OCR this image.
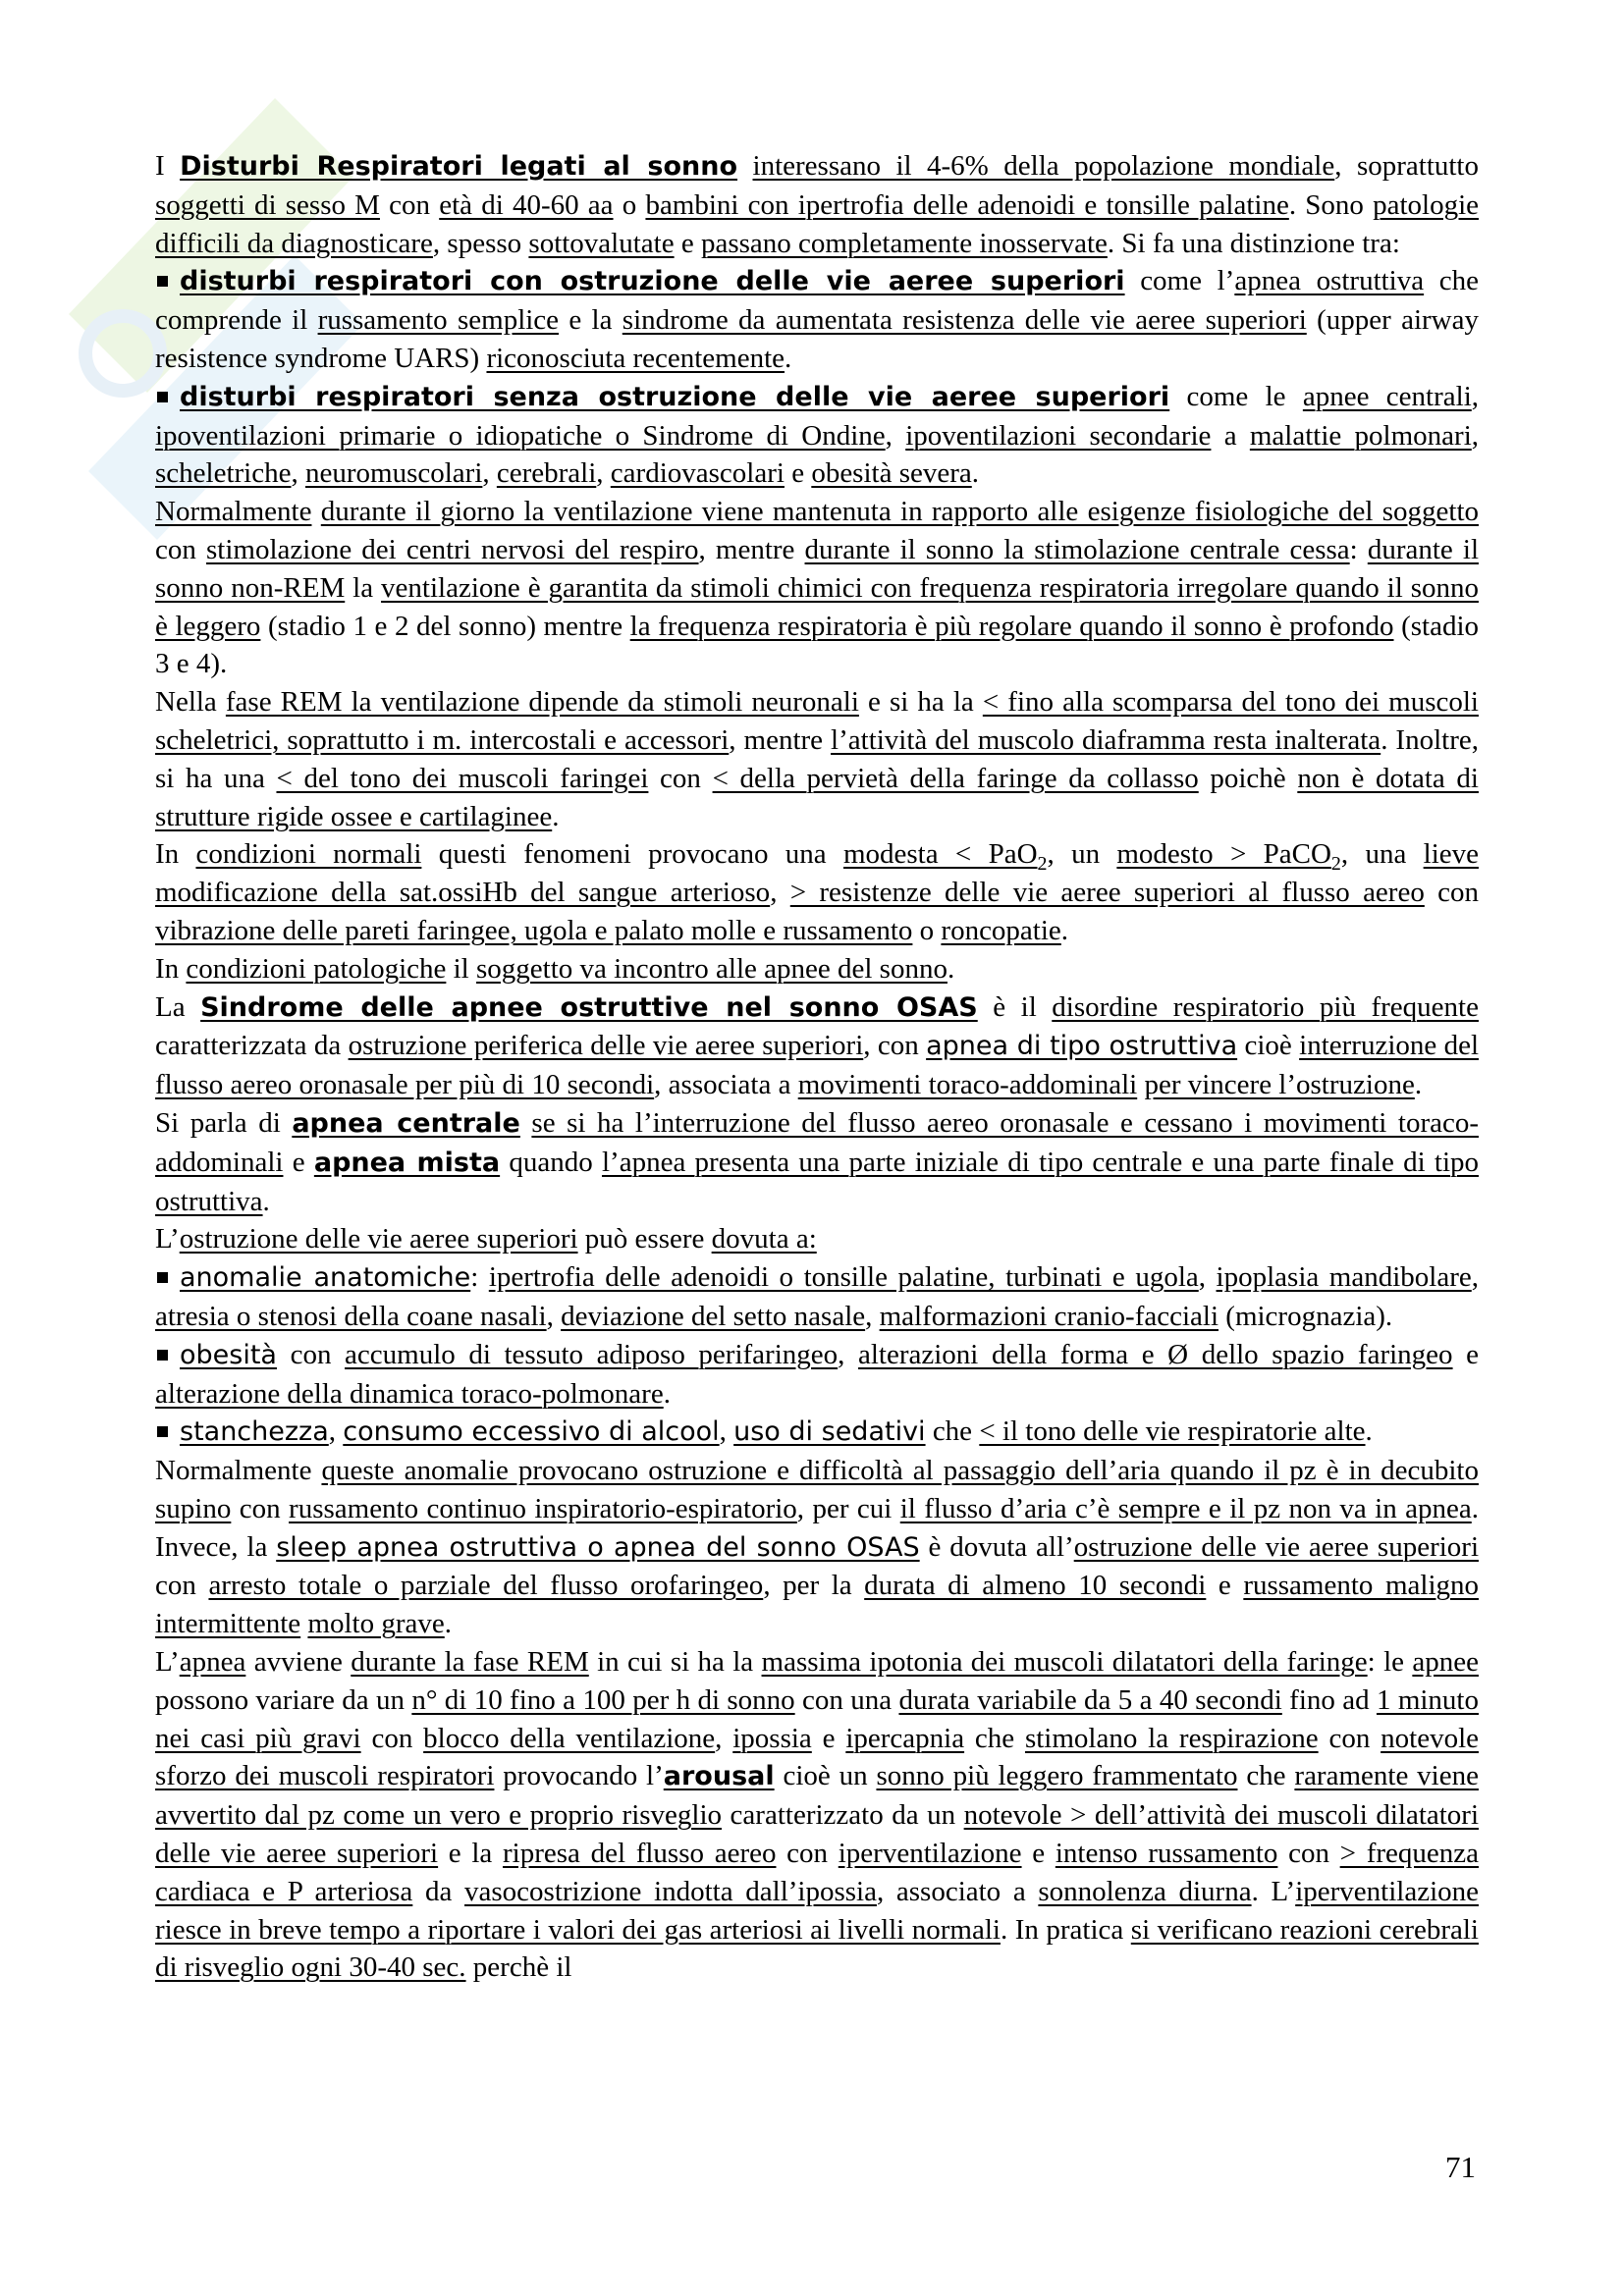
I Disturbi Respiratori legati al sonno interessano il 4-6% della popolazione mondiale, soprattutto soggetti di sesso M con età di 40-60 aa o bambini con ipertrofia delle adenoidi e tonsille palatine. Sono patologie difficili da diagnosticare, spesso sottovalutate e passano completamente inosservate. Si fa una distinzione tra:

disturbi respiratori con ostruzione delle vie aeree superiori come l’apnea ostruttiva che comprende il russamento semplice e la sindrome da aumentata resistenza delle vie aeree superiori (upper airway resistence syndrome UARS) riconosciuta recentemente.

disturbi respiratori senza ostruzione delle vie aeree superiori come le apnee centrali, ipoventilazioni primarie o idiopatiche o Sindrome di Ondine, ipoventilazioni secondarie a malattie polmonari, scheletriche, neuromuscolari, cerebrali, cardiovascolari e obesità severa.

Normalmente durante il giorno la ventilazione viene mantenuta in rapporto alle esigenze fisiologiche del soggetto con stimolazione dei centri nervosi del respiro, mentre durante il sonno la stimolazione centrale cessa: durante il sonno non-REM la ventilazione è garantita da stimoli chimici con frequenza respiratoria irregolare quando il sonno è leggero (stadio 1 e 2 del sonno) mentre la frequenza respiratoria è più regolare quando il sonno è profondo (stadio 3 e 4).

Nella fase REM la ventilazione dipende da stimoli neuronali e si ha la < fino alla scomparsa del tono dei muscoli scheletrici, soprattutto i m. intercostali e accessori, mentre l’attività del muscolo diaframma resta inalterata. Inoltre, si ha una < del tono dei muscoli faringei con < della pervietà della faringe da collasso poichè non è dotata di strutture rigide ossee e cartilaginee.

In condizioni normali questi fenomeni provocano una modesta < PaO$_2$, un modesto > PaCO$_2$, una lieve modificazione della sat.ossiHb del sangue arterioso, > resistenze delle vie aeree superiori al flusso aereo con vibrazione delle pareti faringee, ugola e palato molle e russamento o roncopatie.

In condizioni patologiche il soggetto va incontro alle apnee del sonno.

La Sindrome delle apnee ostruttive nel sonno OSAS è il disordine respiratorio più frequente caratterizzata da ostruzione periferica delle vie aeree superiori, con apnea di tipo ostruttiva cioè interruzione del flusso aereo oronasale per più di 10 secondi, associata a movimenti toraco-addominali per vincere l’ostruzione.

Si parla di apnea centrale se si ha l’interruzione del flusso aereo oronasale e cessano i movimenti toraco-addominali e apnea mista quando l’apnea presenta una parte iniziale di tipo centrale e una parte finale di tipo ostruttiva.

L’ostruzione delle vie aeree superiori può essere dovuta a:

anomalie anatomiche: ipertrofia delle adenoidi o tonsille palatine, turbinati e ugola, ipoplasia mandibolare, atresia o stenosi della coane nasali, deviazione del setto nasale, malformazioni cranio-facciali (micrognazia).

obesità con accumulo di tessuto adiposo perifaringeo, alterazioni della forma e Ø dello spazio faringeo e alterazione della dinamica toraco-polmonare.

stanchezza, consumo eccessivo di alcool, uso di sedativi che < il tono delle vie respiratorie alte.

Normalmente queste anomalie provocano ostruzione e difficoltà al passaggio dell’aria quando il pz è in decubito supino con russamento continuo inspiratorio-espiratorio, per cui il flusso d’aria c’è sempre e il pz non va in apnea. Invece, la sleep apnea ostruttiva o apnea del sonno OSAS è dovuta all’ostruzione delle vie aeree superiori con arresto totale o parziale del flusso orofaringeo, per la durata di almeno 10 secondi e russamento maligno intermittente molto grave.

L’apnea avviene durante la fase REM in cui si ha la massima ipotonia dei muscoli dilatatori della faringe: le apnee possono variare da un n° di 10 fino a 100 per h di sonno con una durata variabile da 5 a 40 secondi fino ad 1 minuto nei casi più gravi con blocco della ventilazione, ipossia e ipercapnia che stimolano la respirazione con notevole sforzo dei muscoli respiratori provocando l’arousal cioè un sonno più leggero frammentato che raramente viene avvertito dal pz come un vero e proprio risveglio caratterizzato da un notevole > dell’attività dei muscoli dilatatori delle vie aeree superiori e la ripresa del flusso aereo con iperventilazione e intenso russamento con > frequenza cardiaca e P arteriosa da vasocostrizione indotta dall’ipossia, associato a sonnolenza diurna. L’iperventilazione riesce in breve tempo a riportare i valori dei gas arteriosi ai livelli normali. In pratica si verificano reazioni cerebrali di risveglio ogni 30-40 sec. perchè il

71
